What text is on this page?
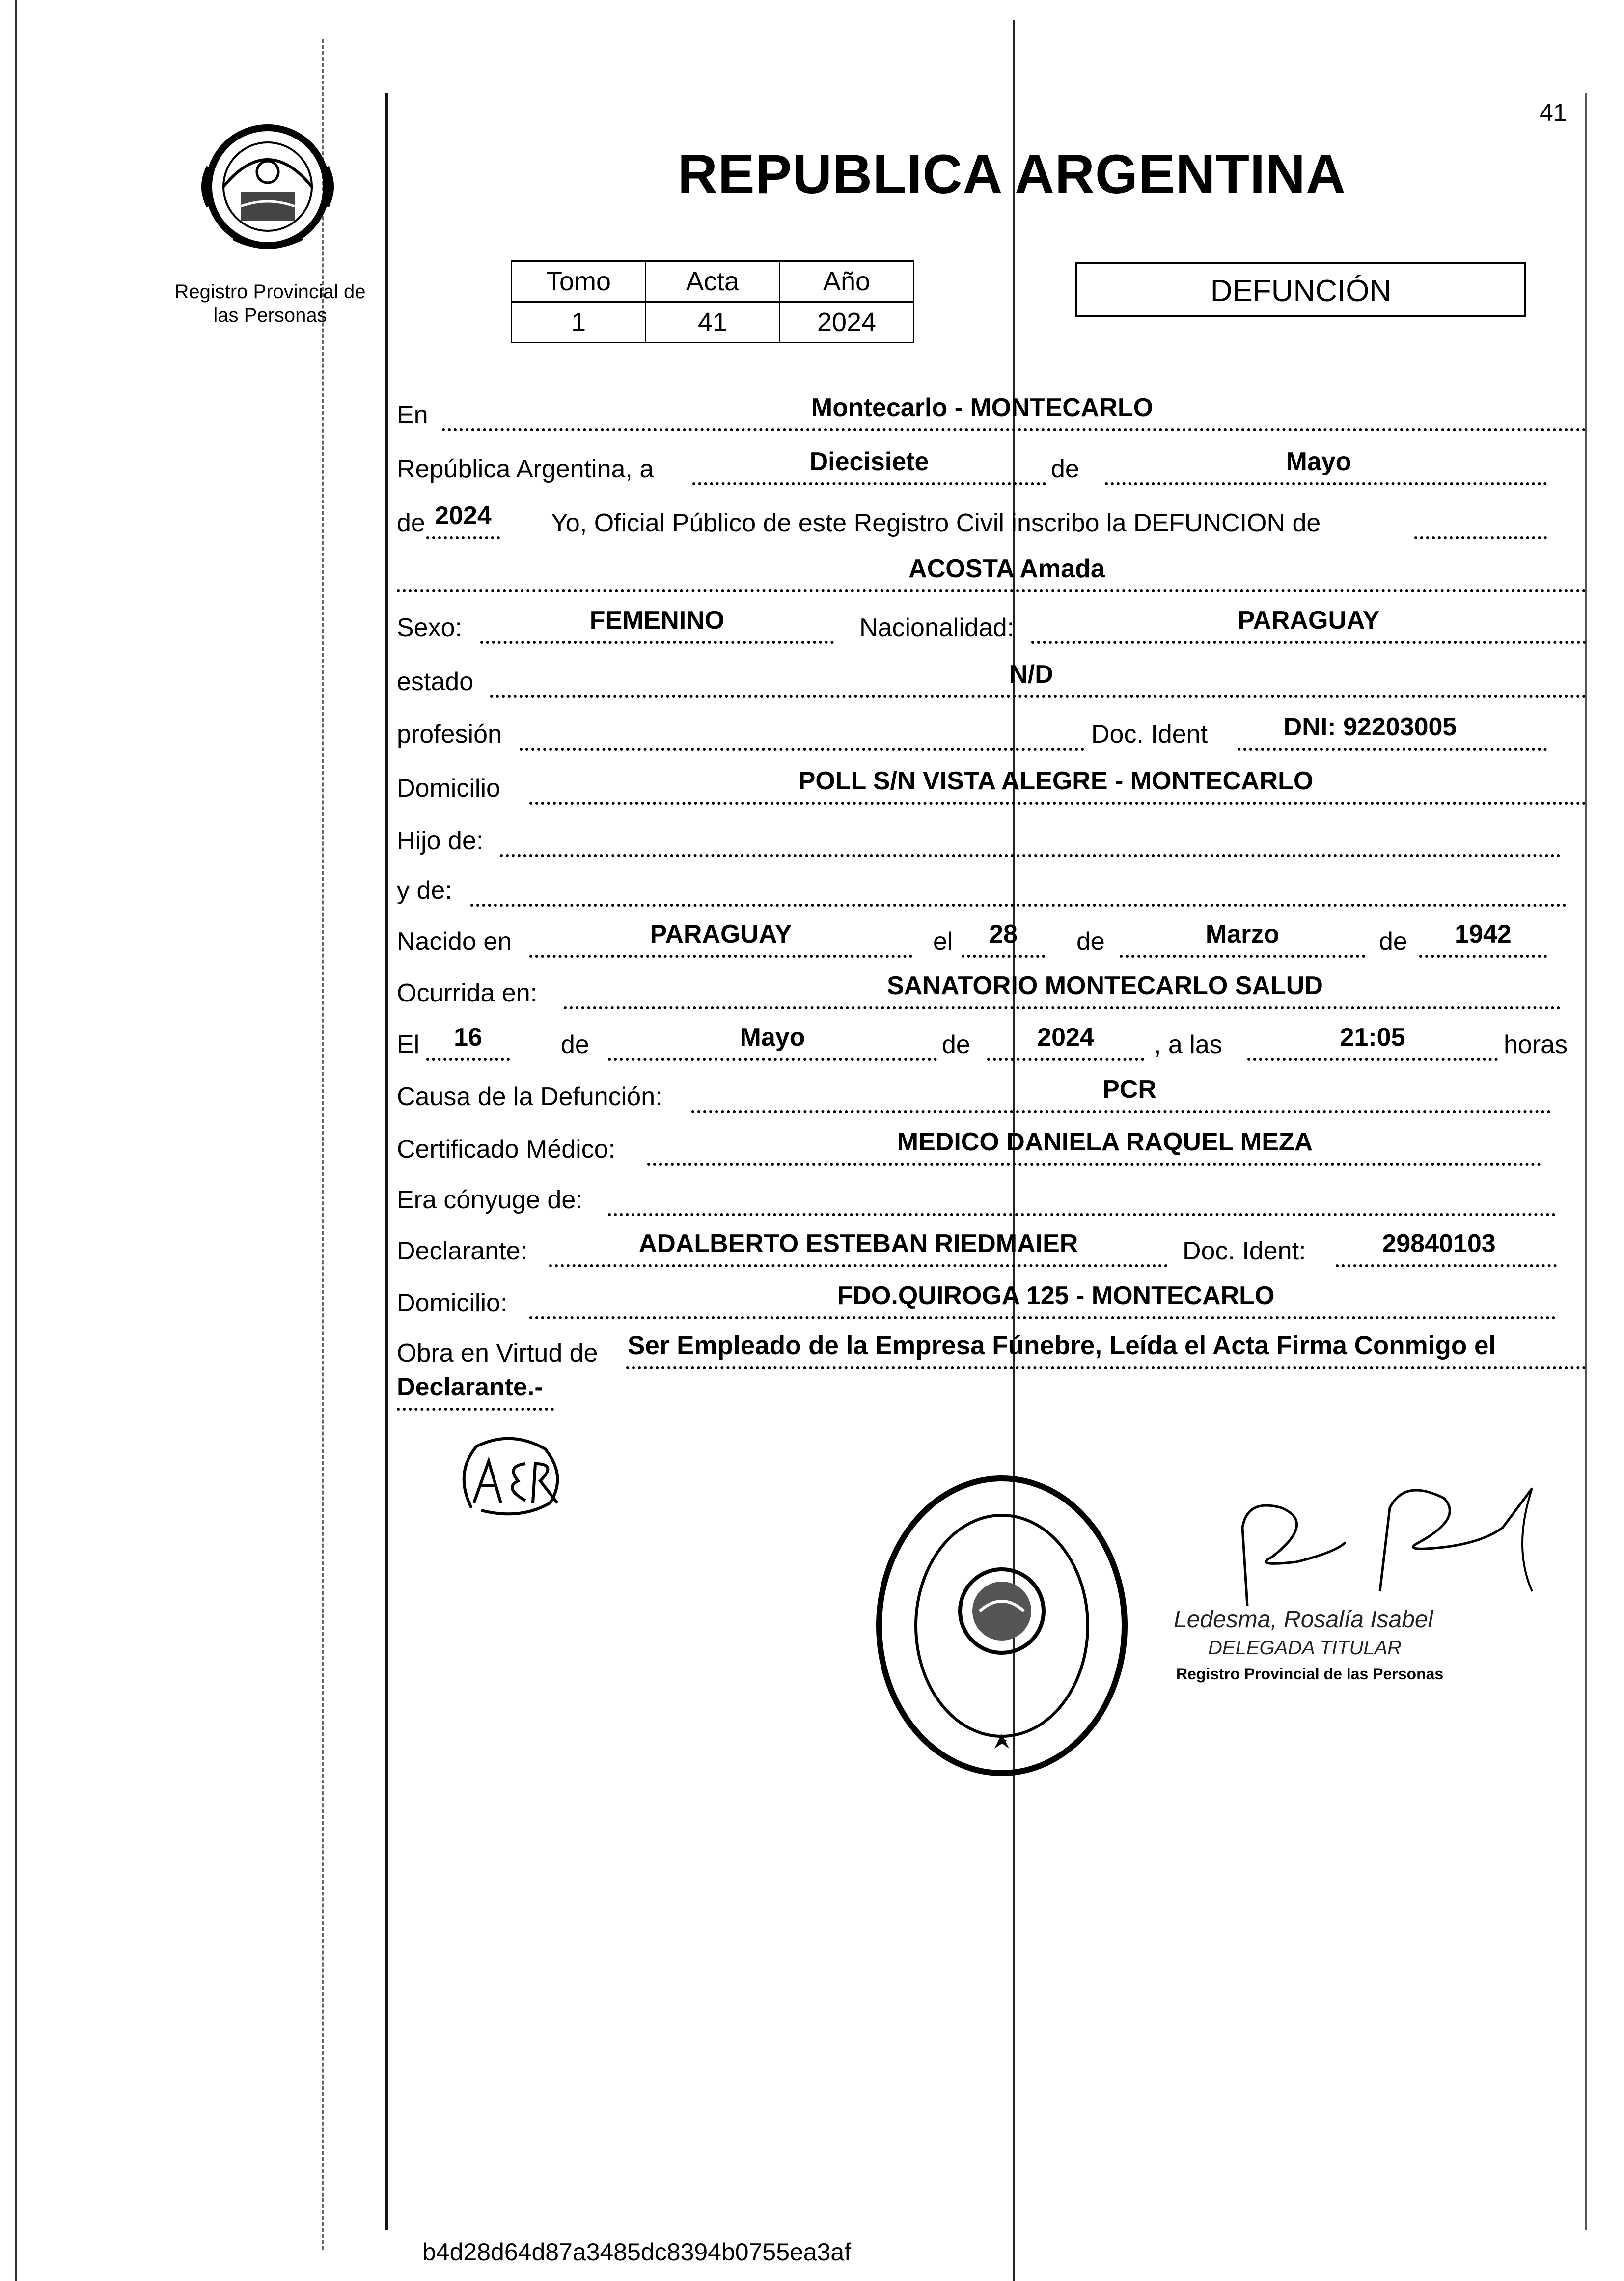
Registro Provincial de las Personas
REPUBLICA ARGENTINA
41
Tomo	Acta	Año
1	41	2024
DEFUNCIÓN
En	Montecarlo - MONTECARLO
República Argentina, a	Diecisiete	de	Mayo
de 2024	Yo, Oficial Público de este Registro Civil inscribo la DEFUNCION de
ACOSTA Amada
Sexo:	FEMENINO	Nacionalidad:	PARAGUAY
estado	N/D
profesión	Doc. Ident	DNI: 92203005
Domicilio	POLL S/N VISTA ALEGRE - MONTECARLO
Hijo de:
y de:
Nacido en	PARAGUAY	el	28	de	Marzo	de	1942
Ocurrida en:	SANATORIO MONTECARLO SALUD
El	16	de	Mayo	de	2024	, a las	21:05	horas
Causa de la Defunción:	PCR
Certificado Médico:	MEDICO DANIELA RAQUEL MEZA
Era cónyuge de:
Declarante:	ADALBERTO ESTEBAN RIEDMAIER	Doc. Ident:	29840103
Domicilio:	FDO.QUIROGA 125 - MONTECARLO
Obra en Virtud de Ser Empleado de la Empresa Fúnebre, Leída el Acta Firma Conmigo el
Declarante.-
Ledesma, Rosalía Isabel
DELEGADA TITULAR
Registro Provincial de las Personas
b4d28d64d87a3485dc8394b0755ea3af
